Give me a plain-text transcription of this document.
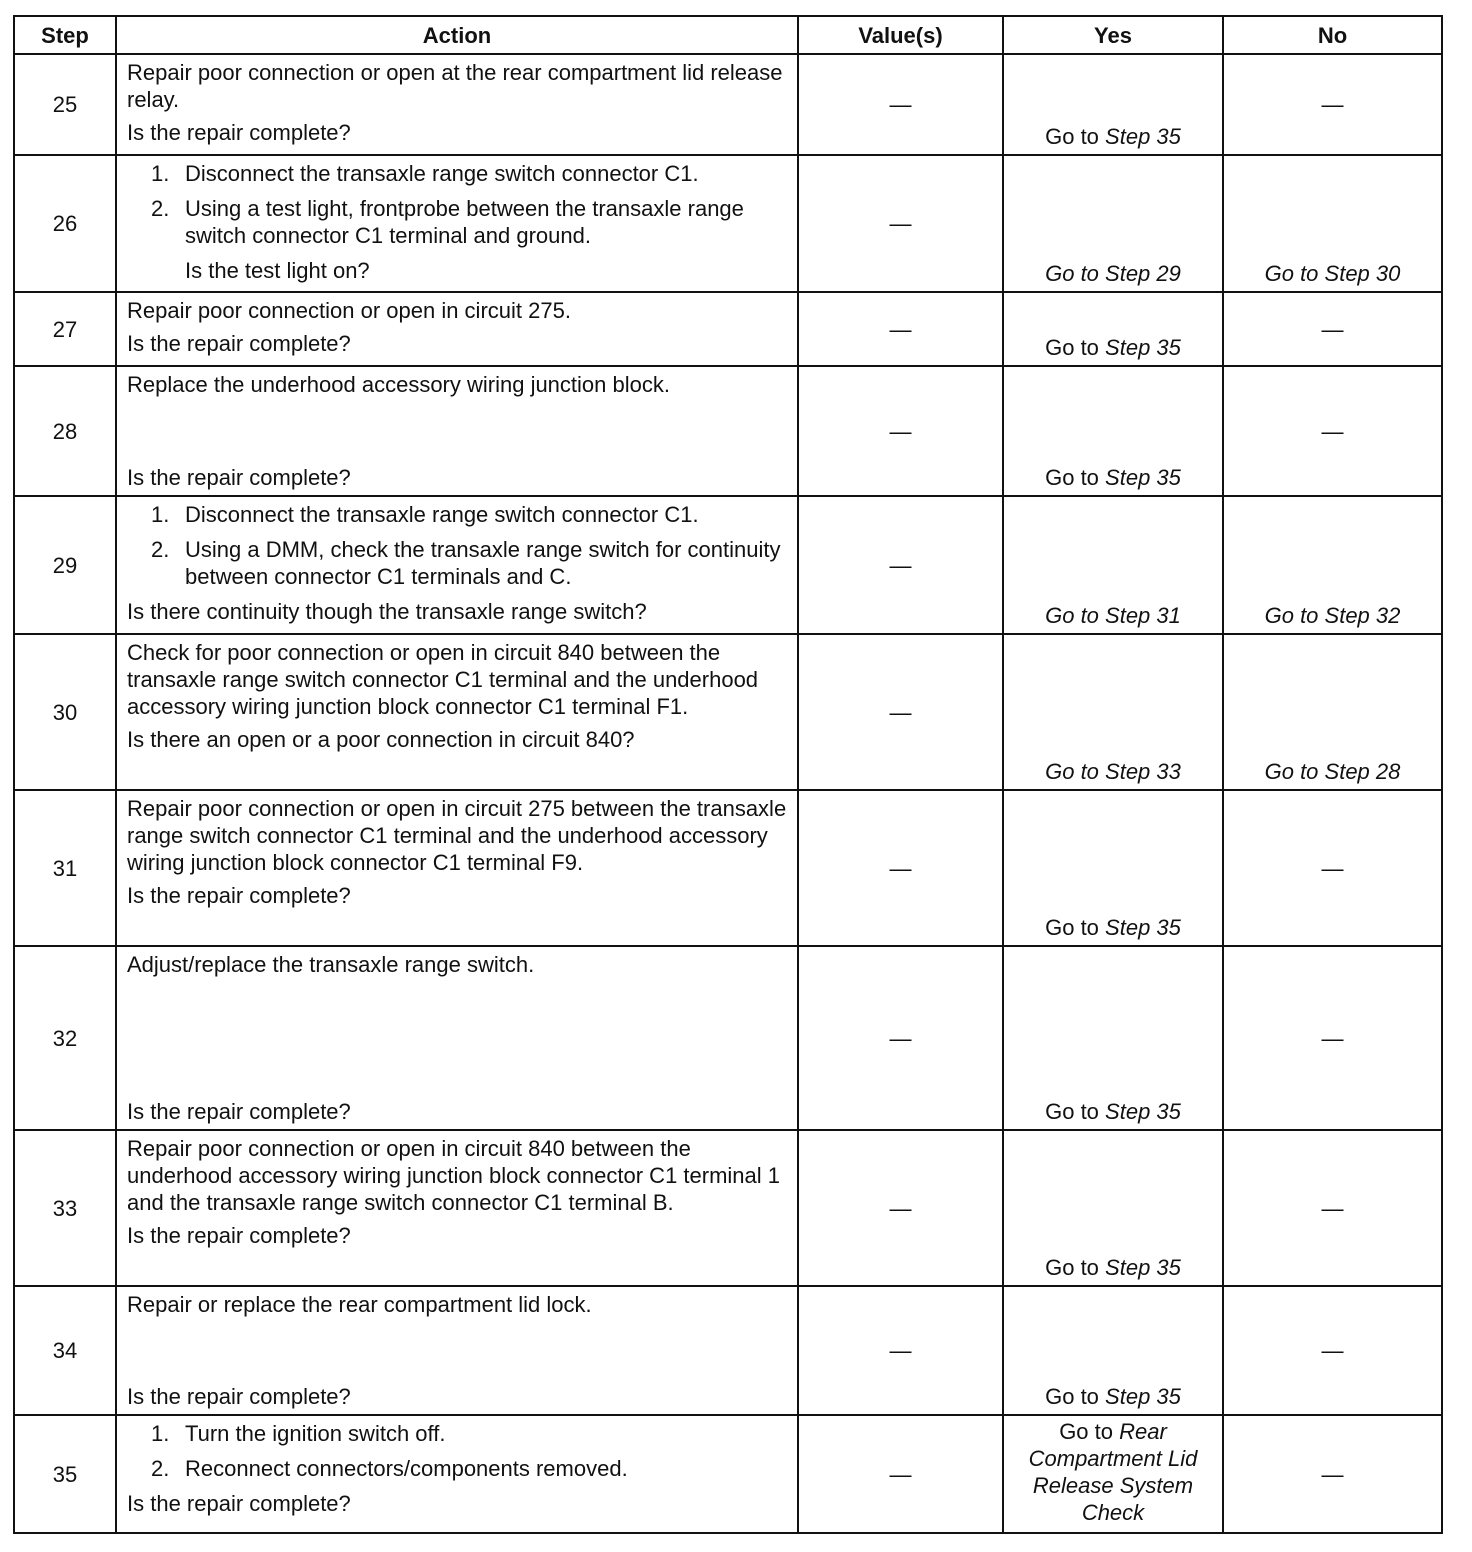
Step	Action	Value(s)	Yes	No
25	Repair poor connection or open at the rear compartment lid release relay.
Is the repair complete?	—	Go to Step 35	—
26	1. Disconnect the transaxle range switch connector C1.
2. Using a test light, frontprobe between the transaxle range switch connector C1 terminal and ground.
Is the test light on?	—	Go to Step 29	Go to Step 30
27	Repair poor connection or open in circuit 275.
Is the repair complete?	—	Go to Step 35	—
28	Replace the underhood accessory wiring junction block.
Is the repair complete?	—	Go to Step 35	—
29	1. Disconnect the transaxle range switch connector C1.
2. Using a DMM, check the transaxle range switch for continuity between connector C1 terminals and C.
Is there continuity though the transaxle range switch?	—	Go to Step 31	Go to Step 32
30	Check for poor connection or open in circuit 840 between the transaxle range switch connector C1 terminal and the underhood accessory wiring junction block connector C1 terminal F1.
Is there an open or a poor connection in circuit 840?	—	Go to Step 33	Go to Step 28
31	Repair poor connection or open in circuit 275 between the transaxle range switch connector C1 terminal and the underhood accessory wiring junction block connector C1 terminal F9.
Is the repair complete?	—	Go to Step 35	—
32	Adjust/replace the transaxle range switch.
Is the repair complete?	—	Go to Step 35	—
33	Repair poor connection or open in circuit 840 between the underhood accessory wiring junction block connector C1 terminal 1 and the transaxle range switch connector C1 terminal B.
Is the repair complete?	—	Go to Step 35	—
34	Repair or replace the rear compartment lid lock.
Is the repair complete?	—	Go to Step 35	—
35	1. Turn the ignition switch off.
2. Reconnect connectors/components removed.
Is the repair complete?	—	Go to Rear Compartment Lid Release System Check	—
